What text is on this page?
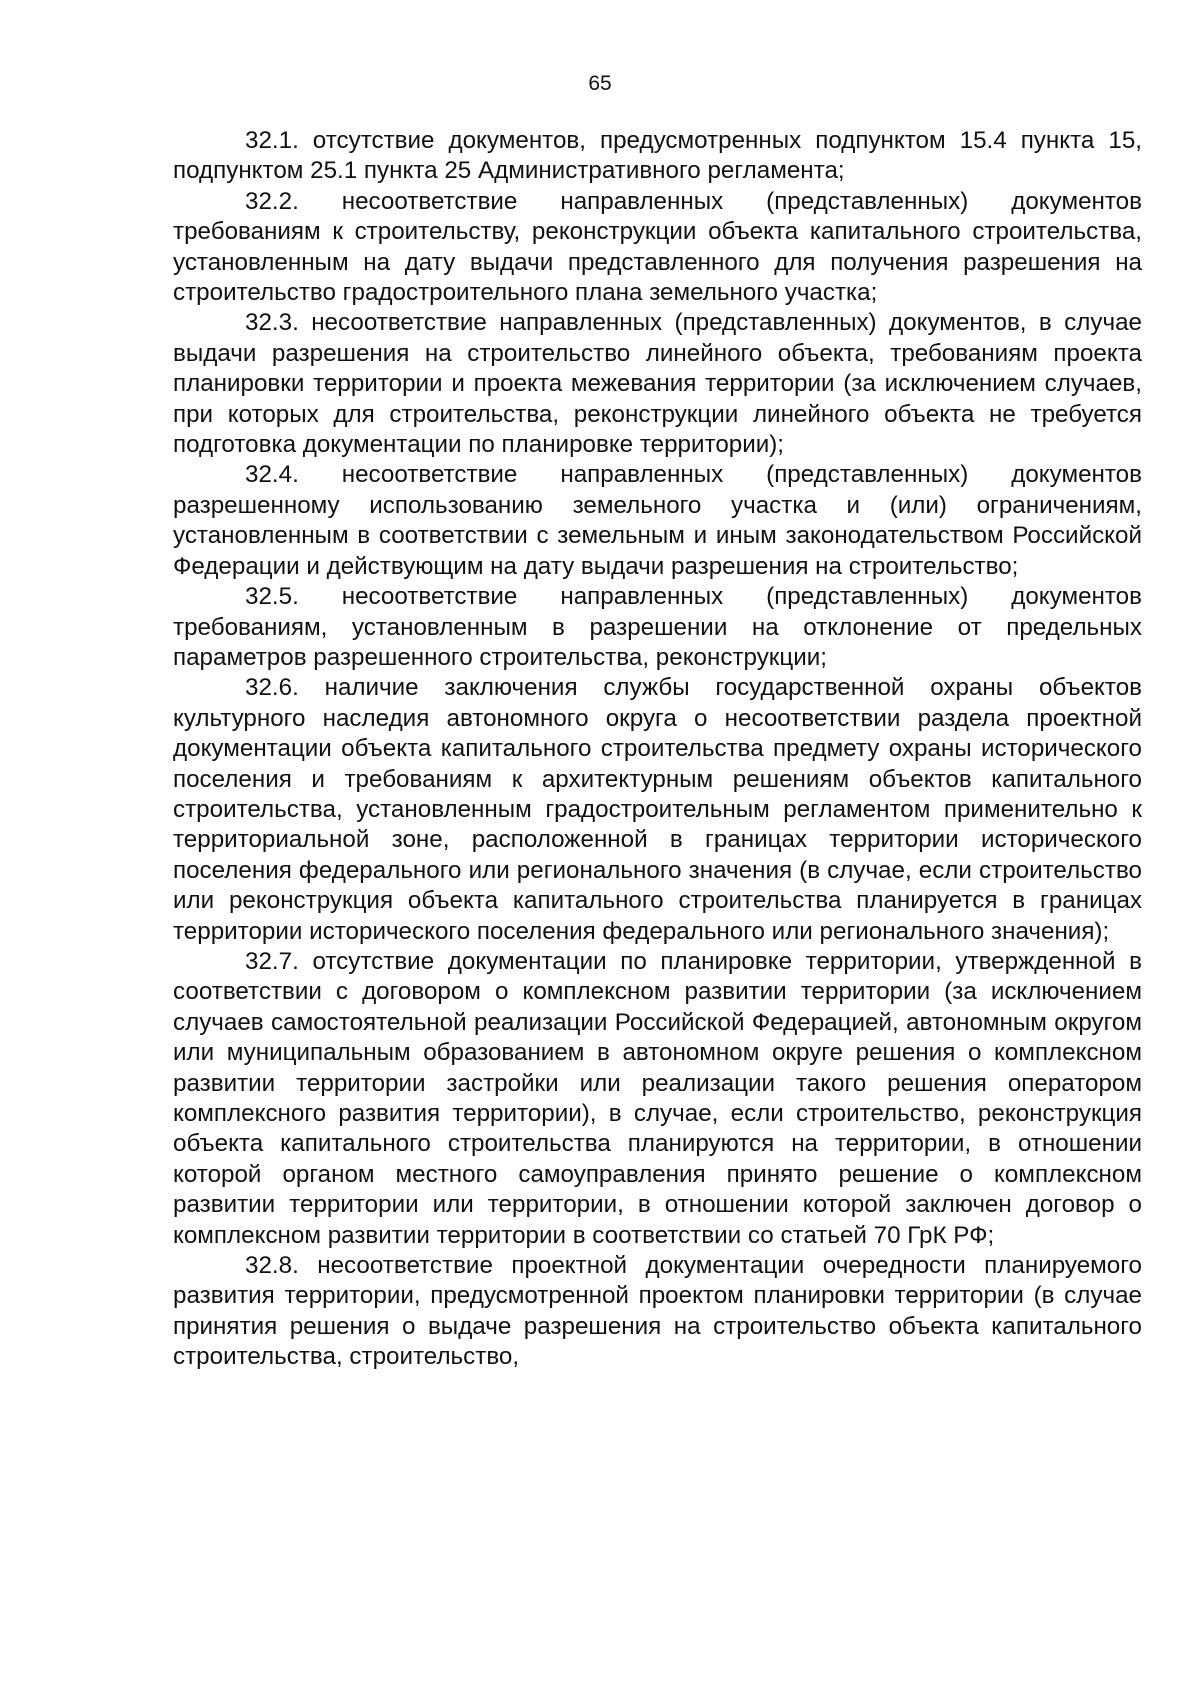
65

32.1. отсутствие документов, предусмотренных подпунктом 15.4 пункта 15, подпунктом 25.1 пункта 25 Административного регламента;

32.2. несоответствие направленных (представленных) документов требованиям к строительству, реконструкции объекта капитального строительства, установленным на дату выдачи представленного для получения разрешения на строительство градостроительного плана земельного участка;

32.3. несоответствие направленных (представленных) документов, в случае выдачи разрешения на строительство линейного объекта, требованиям проекта планировки территории и проекта межевания территории (за исключением случаев, при которых для строительства, реконструкции линейного объекта не требуется подготовка документации по планировке территории);

32.4. несоответствие направленных (представленных) документов разрешенному использованию земельного участка и (или) ограничениям, установленным в соответствии с земельным и иным законодательством Российской Федерации и действующим на дату выдачи разрешения на строительство;

32.5. несоответствие направленных (представленных) документов требованиям, установленным в разрешении на отклонение от предельных параметров разрешенного строительства, реконструкции;

32.6. наличие заключения службы государственной охраны объектов культурного наследия автономного округа о несоответствии раздела проектной документации объекта капитального строительства предмету охраны исторического поселения и требованиям к архитектурным решениям объектов капитального строительства, установленным градостроительным регламентом применительно к территориальной зоне, расположенной в границах территории исторического поселения федерального или регионального значения (в случае, если строительство или реконструкция объекта капитального строительства планируется в границах территории исторического поселения федерального или регионального значения);

32.7. отсутствие документации по планировке территории, утвержденной в соответствии с договором о комплексном развитии территории (за исключением случаев самостоятельной реализации Российской Федерацией, автономным округом или муниципальным образованием в автономном округе решения о комплексном развитии территории застройки или реализации такого решения оператором комплексного развития территории), в случае, если строительство, реконструкция объекта капитального строительства планируются на территории, в отношении которой органом местного самоуправления принято решение о комплексном развитии территории или территории, в отношении которой заключен договор о комплексном развитии территории в соответствии со статьей 70 ГрК РФ;

32.8. несоответствие проектной документации очередности планируемого развития территории, предусмотренной проектом планировки территории (в случае принятия решения о выдаче разрешения на строительство объекта капитального строительства, строительство,
